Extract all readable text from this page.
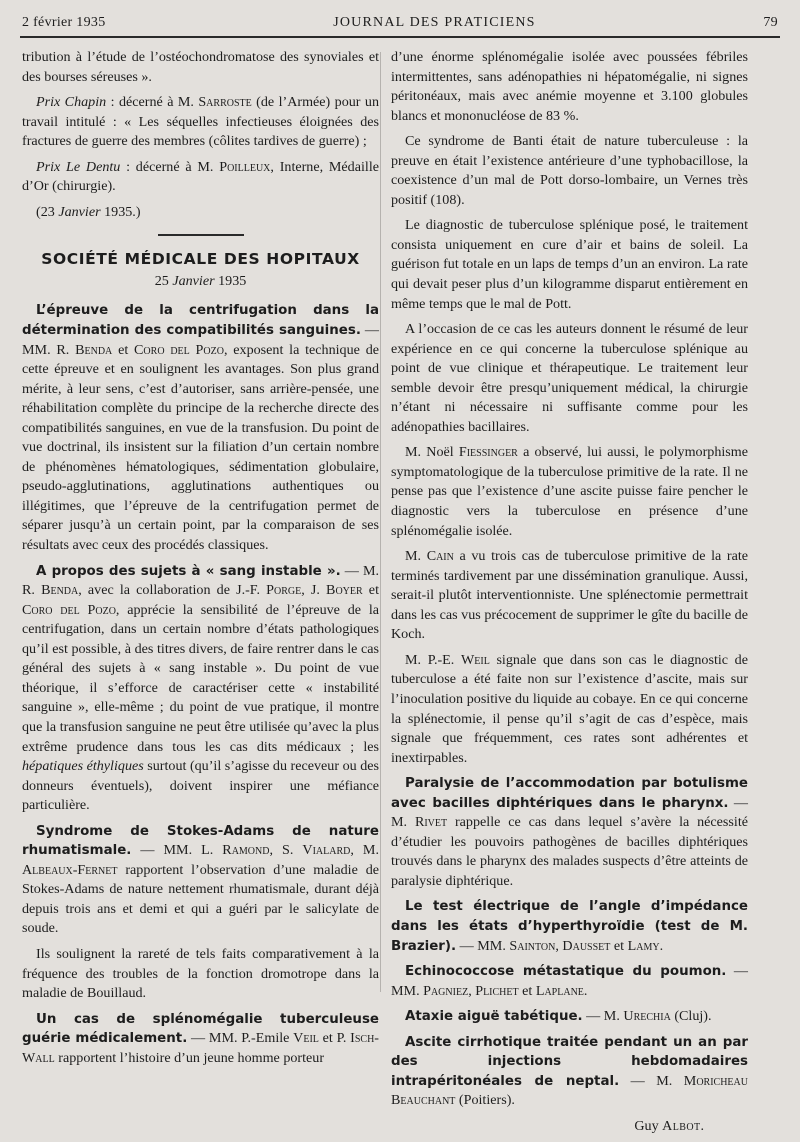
2 février 1935	JOURNAL DES PRATICIENS	79

tribution à l’étude de l’ostéochondromatose des synoviales et des bourses séreuses ».

Prix Chapin : décerné à M. Sarroste (de l’Armée) pour un travail intitulé : « Les séquelles infectieuses éloignées des fractures de guerre des membres (côlites tardives de guerre) ;

Prix Le Dentu : décerné à M. Poilleux, Interne, Médaille d’Or (chirurgie).

(23 Janvier 1935.)

SOCIÉTÉ MÉDICALE DES HOPITAUX
25 Janvier 1935

L’épreuve de la centrifugation dans la détermination des compatibilités sanguines. — MM. R. Benda et Coro del Pozo, exposent la technique de cette épreuve et en soulignent les avantages. Son plus grand mérite, à leur sens, c’est d’autoriser, sans arrière-pensée, une réhabilitation complète du principe de la recherche directe des compatibilités sanguines, en vue de la transfusion. Du point de vue doctrinal, ils insistent sur la filiation d’un certain nombre de phénomènes hématologiques, sédimentation globulaire, pseudo-agglutinations, agglutinations authentiques ou illégitimes, que l’épreuve de la centrifugation permet de séparer jusqu’à un certain point, par la comparaison de ses résultats avec ceux des procédés classiques.

A propos des sujets à « sang instable ». — M. R. Benda, avec la collaboration de J.-F. Porge, J. Boyer et Coro del Pozo, apprécie la sensibilité de l’épreuve de la centrifugation, dans un certain nombre d’états pathologiques qu’il est possible, à des titres divers, de faire rentrer dans le cas général des sujets à « sang instable ». Du point de vue théorique, il s’efforce de caractériser cette « instabilité sanguine », elle-même ; du point de vue pratique, il montre que la transfusion sanguine ne peut être utilisée qu’avec la plus extrême prudence dans tous les cas dits médicaux ; les hépatiques éthyliques surtout (qu’il s’agisse du receveur ou des donneurs éventuels), doivent inspirer une méfiance particulière.

Syndrome de Stokes-Adams de nature rhumatismale. — MM. L. Ramond, S. Vialard, M. Albeaux-Fernet rapportent l’observation d’une maladie de Stokes-Adams de nature nettement rhumatismale, durant déjà depuis trois ans et demi et qui a guéri par le salicylate de soude.

Ils soulignent la rareté de tels faits comparativement à la fréquence des troubles de la fonction dromotrope dans la maladie de Bouillaud.

Un cas de splénomégalie tuberculeuse guérie médicalement. — MM. P.-Emile Veil et P. Isch-Wall rapportent l’histoire d’un jeune homme porteur

d’une énorme splénomégalie isolée avec poussées fébriles intermittentes, sans adénopathies ni hépatomégalie, ni signes péritonéaux, mais avec anémie moyenne et 3.100 globules blancs et mononucléose de 83 %.

Ce syndrome de Banti était de nature tuberculeuse : la preuve en était l’existence antérieure d’une typhobacillose, la coexistence d’un mal de Pott dorso-lombaire, un Vernes très positif (108).

Le diagnostic de tuberculose splénique posé, le traitement consista uniquement en cure d’air et bains de soleil. La guérison fut totale en un laps de temps d’un an environ. La rate qui devait peser plus d’un kilogramme disparut entièrement en même temps que le mal de Pott.

A l’occasion de ce cas les auteurs donnent le résumé de leur expérience en ce qui concerne la tuberculose splénique au point de vue clinique et thérapeutique. Le traitement leur semble devoir être presqu’uniquement médical, la chirurgie n’étant ni nécessaire ni suffisante comme pour les adénopathies bacillaires.

M. Noël Fiessinger a observé, lui aussi, le polymorphisme symptomatologique de la tuberculose primitive de la rate. Il ne pense pas que l’existence d’une ascite puisse faire pencher le diagnostic vers la tuberculose en présence d’une splénomégalie isolée.

M. Cain a vu trois cas de tuberculose primitive de la rate terminés tardivement par une dissémination granulique. Aussi, serait-il plutôt interventionniste. Une splénectomie permettrait dans les cas vus précocement de supprimer le gîte du bacille de Koch.

M. P.-E. Weil signale que dans son cas le diagnostic de tuberculose a été faite non sur l’existence d’ascite, mais sur l’inoculation positive du liquide au cobaye. En ce qui concerne la splénectomie, il pense qu’il s’agit de cas d’espèce, mais signale que fréquemment, ces rates sont adhérentes et inextirpables.

Paralysie de l’accommodation par botulisme avec bacilles diphtériques dans le pharynx. — M. Rivet rappelle ce cas dans lequel s’avère la nécessité d’étudier les pouvoirs pathogènes de bacilles diphtériques trouvés dans le pharynx des malades suspects d’être atteints de paralysie diphtérique.

Le test électrique de l’angle d’impédance dans les états d’hyperthyroïdie (test de M. Brazier). — MM. Sainton, Dausset et Lamy.

Echinococcose métastatique du poumon. — MM. Pagniez, Plichet et Laplane.

Ataxie aiguë tabétique. — M. Urechia (Cluj).

Ascite cirrhotique traitée pendant un an par des injections hebdomadaires intrapéritonéales de neptal. — M. Moricheau Beauchant (Poitiers).

Guy Albot.
